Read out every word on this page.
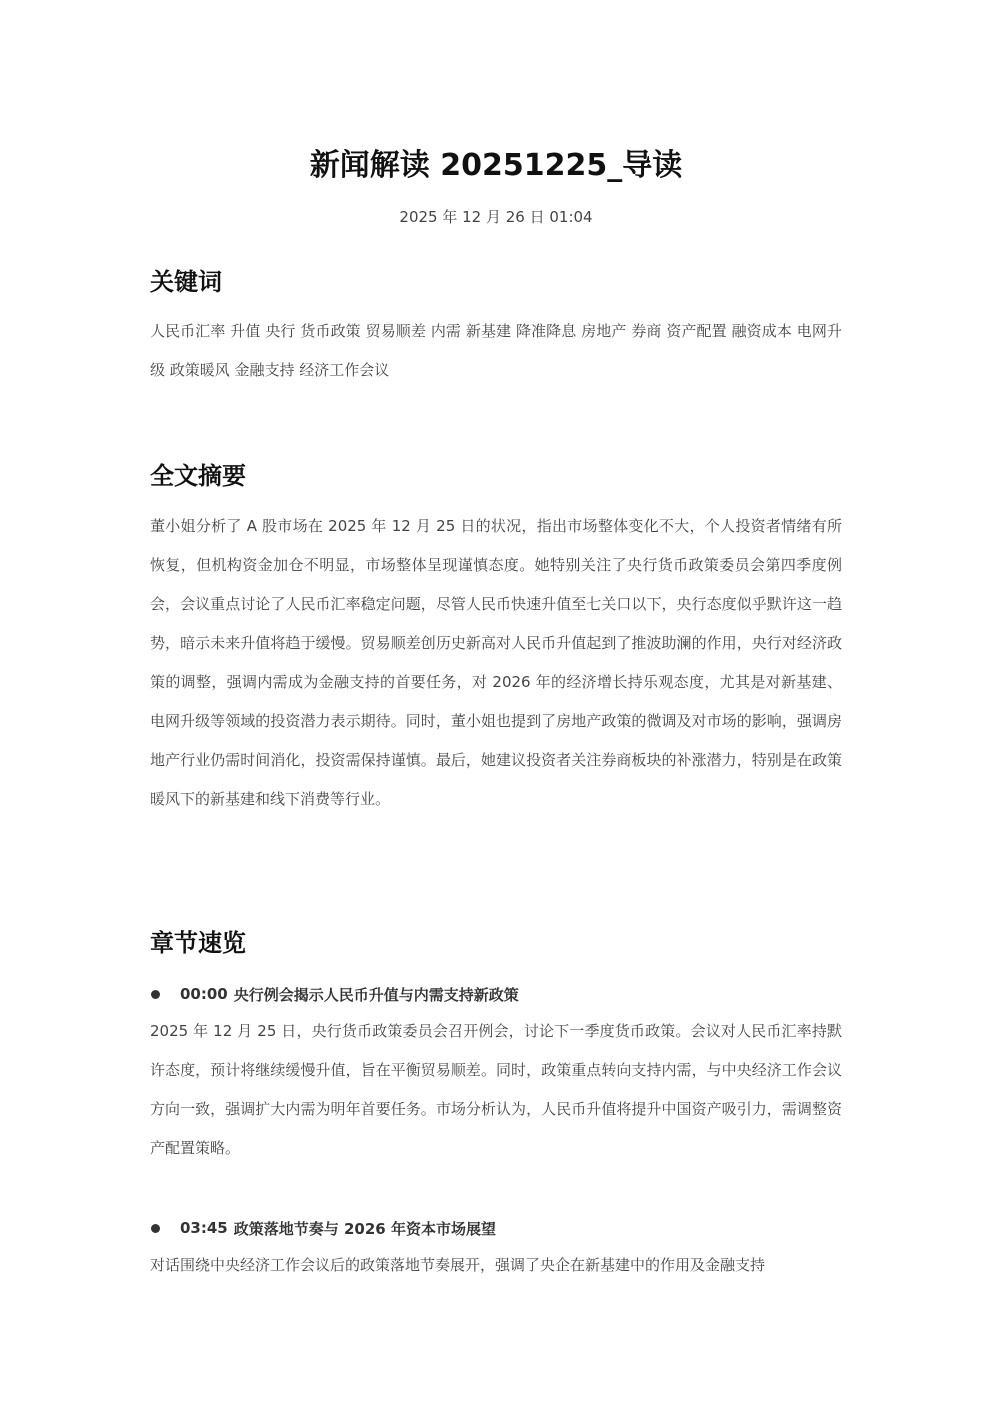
新闻解读 20251225_导读
2025 年 12 月 26 日 01:04
关键词

人民币汇率 升值 央行 货币政策 贸易顺差 内需 新基建 降准降息 房地产 券商 资产配置 融资成本 电网升级 政策暖风 金融支持 经济工作会议

全文摘要

董小姐分析了 A 股市场在 2025 年 12 月 25 日的状况，指出市场整体变化不大，个人投资者情绪有所恢复，但机构资金加仓不明显，市场整体呈现谨慎态度。她特别关注了央行货币政策委员会第四季度例会，会议重点讨论了人民币汇率稳定问题，尽管人民币快速升值至七关口以下，央行态度似乎默许这一趋势，暗示未来升值将趋于缓慢。贸易顺差创历史新高对人民币升值起到了推波助澜的作用，央行对经济政策的调整，强调内需成为金融支持的首要任务，对 2026 年的经济增长持乐观态度，尤其是对新基建、电网升级等领域的投资潜力表示期待。同时，董小姐也提到了房地产政策的微调及对市场的影响，强调房地产行业仍需时间消化，投资需保持谨慎。最后，她建议投资者关注券商板块的补涨潜力，特别是在政策暖风下的新基建和线下消费等行业。

章节速览
00:00 央行例会揭示人民币升值与内需支持新政策

2025 年 12 月 25 日，央行货币政策委员会召开例会，讨论下一季度货币政策。会议对人民币汇率持默许态度，预计将继续缓慢升值，旨在平衡贸易顺差。同时，政策重点转向支持内需，与中央经济工作会议方向一致，强调扩大内需为明年首要任务。市场分析认为，人民币升值将提升中国资产吸引力，需调整资产配置策略。

03:45 政策落地节奏与 2026 年资本市场展望

对话围绕中央经济工作会议后的政策落地节奏展开，强调了央企在新基建中的作用及金融支持
